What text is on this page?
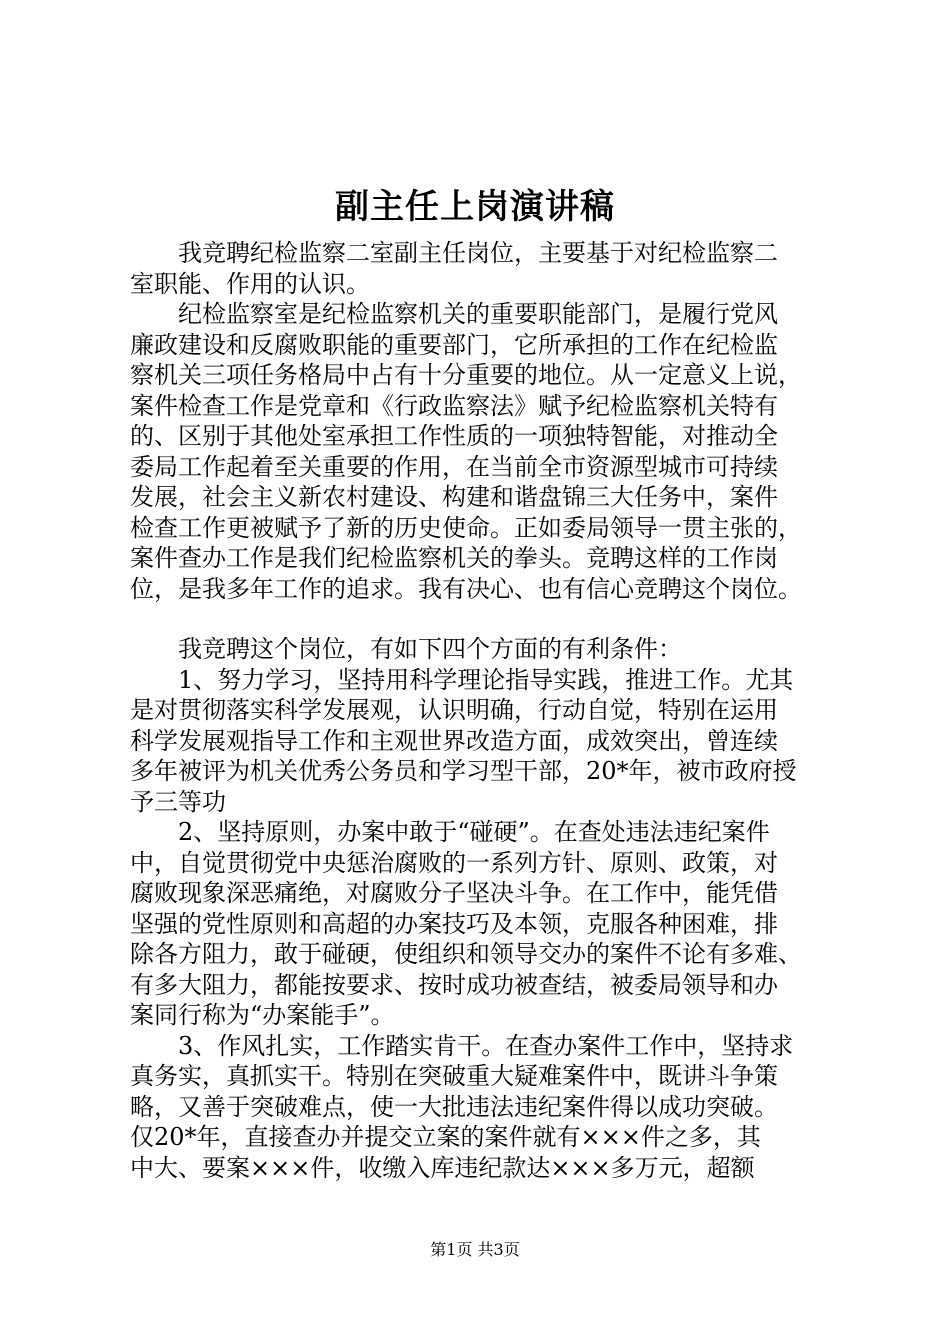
副主任上岗演讲稿
我竞聘纪检监察二室副主任岗位，主要基于对纪检监察二
室职能、作用的认识。
纪检监察室是纪检监察机关的重要职能部门，是履行党风
廉政建设和反腐败职能的重要部门，它所承担的工作在纪检监
察机关三项任务格局中占有十分重要的地位。从一定意义上说，
案件检查工作是党章和《行政监察法》赋予纪检监察机关特有
的、区别于其他处室承担工作性质的一项独特智能，对推动全
委局工作起着至关重要的作用，在当前全市资源型城市可持续
发展，社会主义新农村建设、构建和谐盘锦三大任务中，案件
检查工作更被赋予了新的历史使命。正如委局领导一贯主张的，
案件查办工作是我们纪检监察机关的拳头。竞聘这样的工作岗
位，是我多年工作的追求。我有决心、也有信心竞聘这个岗位。
我竞聘这个岗位，有如下四个方面的有利条件：
1、努力学习，坚持用科学理论指导实践，推进工作。尤其
是对贯彻落实科学发展观，认识明确，行动自觉，特别在运用
科学发展观指导工作和主观世界改造方面，成效突出，曾连续
多年被评为机关优秀公务员和学习型干部，20*年，被市政府授
予三等功
2、坚持原则，办案中敢于“碰硬”。在查处违法违纪案件
中，自觉贯彻党中央惩治腐败的一系列方针、原则、政策，对
腐败现象深恶痛绝，对腐败分子坚决斗争。在工作中，能凭借
坚强的党性原则和高超的办案技巧及本领，克服各种困难，排
除各方阻力，敢于碰硬，使组织和领导交办的案件不论有多难、
有多大阻力，都能按要求、按时成功被查结，被委局领导和办
案同行称为“办案能手”。
3、作风扎实，工作踏实肯干。在查办案件工作中，坚持求
真务实，真抓实干。特别在突破重大疑难案件中，既讲斗争策
略，又善于突破难点，使一大批违法违纪案件得以成功突破。
仅20*年，直接查办并提交立案的案件就有×××件之多，其
中大、要案×××件，收缴入库违纪款达×××多万元，超额
第1页 共3页
